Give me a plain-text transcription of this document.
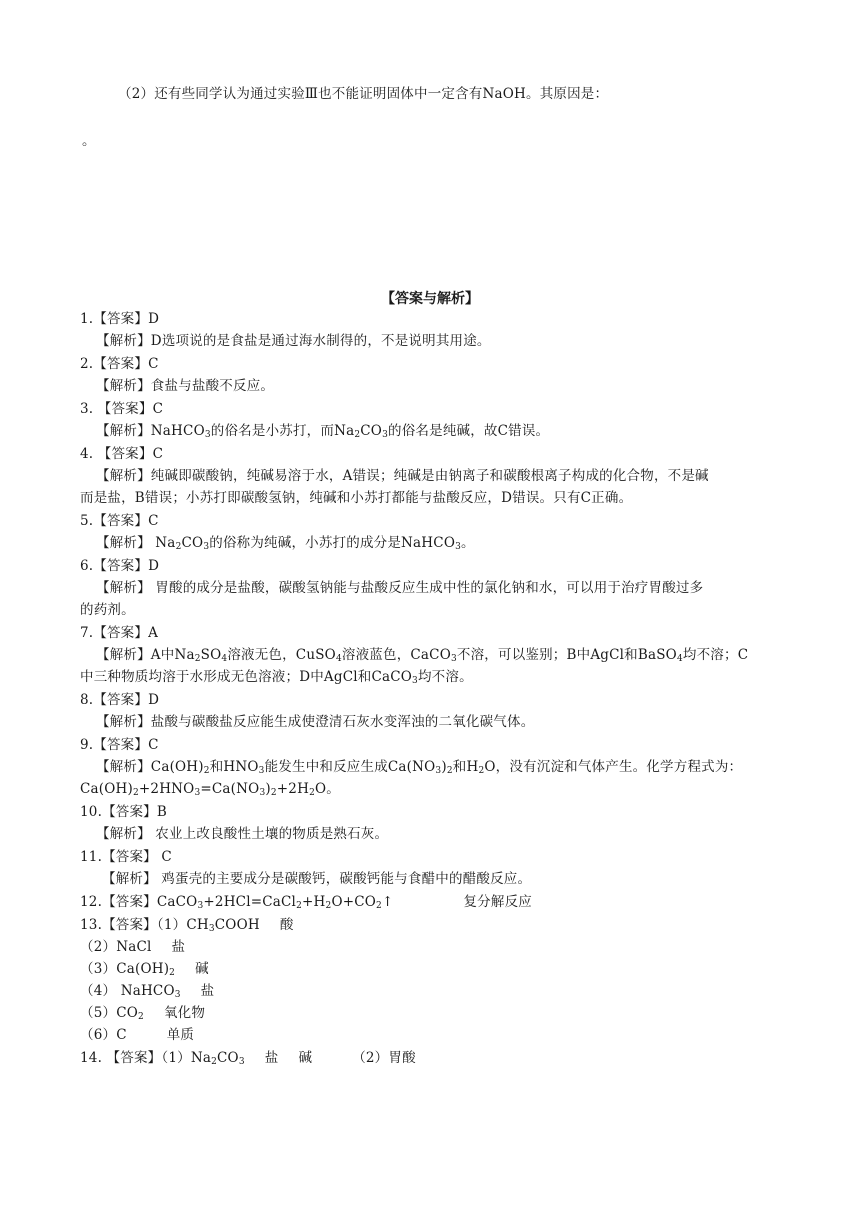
（2）还有些同学认为通过实验Ⅲ也不能证明固体中一定含有NaOH。其原因是：
。
【答案与解析】
1.【答案】D
【解析】D选项说的是食盐是通过海水制得的，不是说明其用途。
2.【答案】C
【解析】食盐与盐酸不反应。
3. 【答案】C
【解析】NaHCO$_3$的俗名是小苏打，而$Na_2CO_3$的俗名是纯碱，故C错误。
4. 【答案】C
【解析】纯碱即碳酸钠，纯碱易溶于水，A错误；纯碱是由钠离子和碳酸根离子构成的化合物，不是碱
而是盐，B错误；小苏打即碳酸氢钠，纯碱和小苏打都能与盐酸反应，D错误。只有C正确。
5.【答案】C
【解析】 $Na_2CO_3$的俗称为纯碱，小苏打的成分是NaHCO$_3$。
6.【答案】D
【解析】 胃酸的成分是盐酸，碳酸氢钠能与盐酸反应生成中性的氯化钠和水，可以用于治疗胃酸过多
的药剂。
7.【答案】A
【解析】A中$Na_2SO_4$溶液无色，CuSO$_4$溶液蓝色，CaCO$_3$不溶，可以鉴别；B中AgCl和BaSO$_4$均不溶；C
中三种物质均溶于水形成无色溶液；D中AgCl和CaCO$_3$均不溶。
8.【答案】D
【解析】盐酸与碳酸盐反应能生成使澄清石灰水变浑浊的二氧化碳气体。
9.【答案】C
【解析】$Ca(OH)_2$和$HNO_3$能发生中和反应生成$Ca(NO_3)_2$和$H_2O$，没有沉淀和气体产生。化学方程式为：
$Ca(OH)_2+2HNO_3=Ca(NO_3)_2+2H_2O$。
10.【答案】B
【解析】 农业上改良酸性土壤的物质是熟石灰。
11.【答案】 C
【解析】 鸡蛋壳的主要成分是碳酸钙，碳酸钙能与食醋中的醋酸反应。
12.【答案】$CaCO_3+2HCl=CaCl_2+H_2O+CO_2↑$	复分解反应
13.【答案】$(1)CH_3COOH$ 酸
（2）NaCl 盐
$(3)Ca(OH)_2$ 碱
（4） NaHCO$_3$ 盐
$(5)CO_2$ 氧化物
（6）C	单质
14. 【答案】$(1)Na_2CO_3$ 盐 碱	（2）胃酸
